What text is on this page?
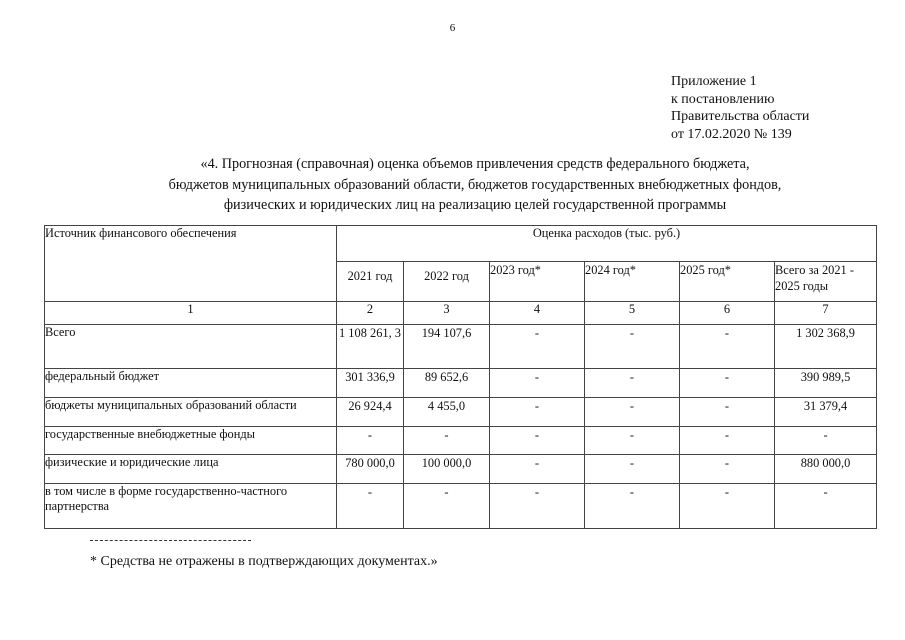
6
Приложение 1
к постановлению
Правительства области
от 17.02.2020 № 139
«4. Прогнозная (справочная) оценка объемов привлечения средств федерального бюджета,
бюджетов муниципальных образований области, бюджетов государственных внебюджетных фондов,
физических и юридических лиц на реализацию целей государственной программы
Источник финансового обеспечения	Оценка расходов (тыс. руб.)					
	2021 год	2022 год	2023 год*	2024 год*	2025 год*	Всего за 2021 - 2025 годы
1	2	3	4	5	6	7
Всего	1 108 261, 3	194 107,6	-	-	-	1 302 368,9
федеральный бюджет	301 336,9	89 652,6	-	-	-	390 989,5
бюджеты муниципальных образований области	26 924,4	4 455,0	-	-	-	31 379,4
государственные внебюджетные фонды	-	-	-	-	-	-
физические и юридические лица	780 000,0	100 000,0	-	-	-	880 000,0
в том числе в форме государственно-частного партнерства	-	-	-	-	-	-
* Средства не отражены в подтверждающих документах.»
